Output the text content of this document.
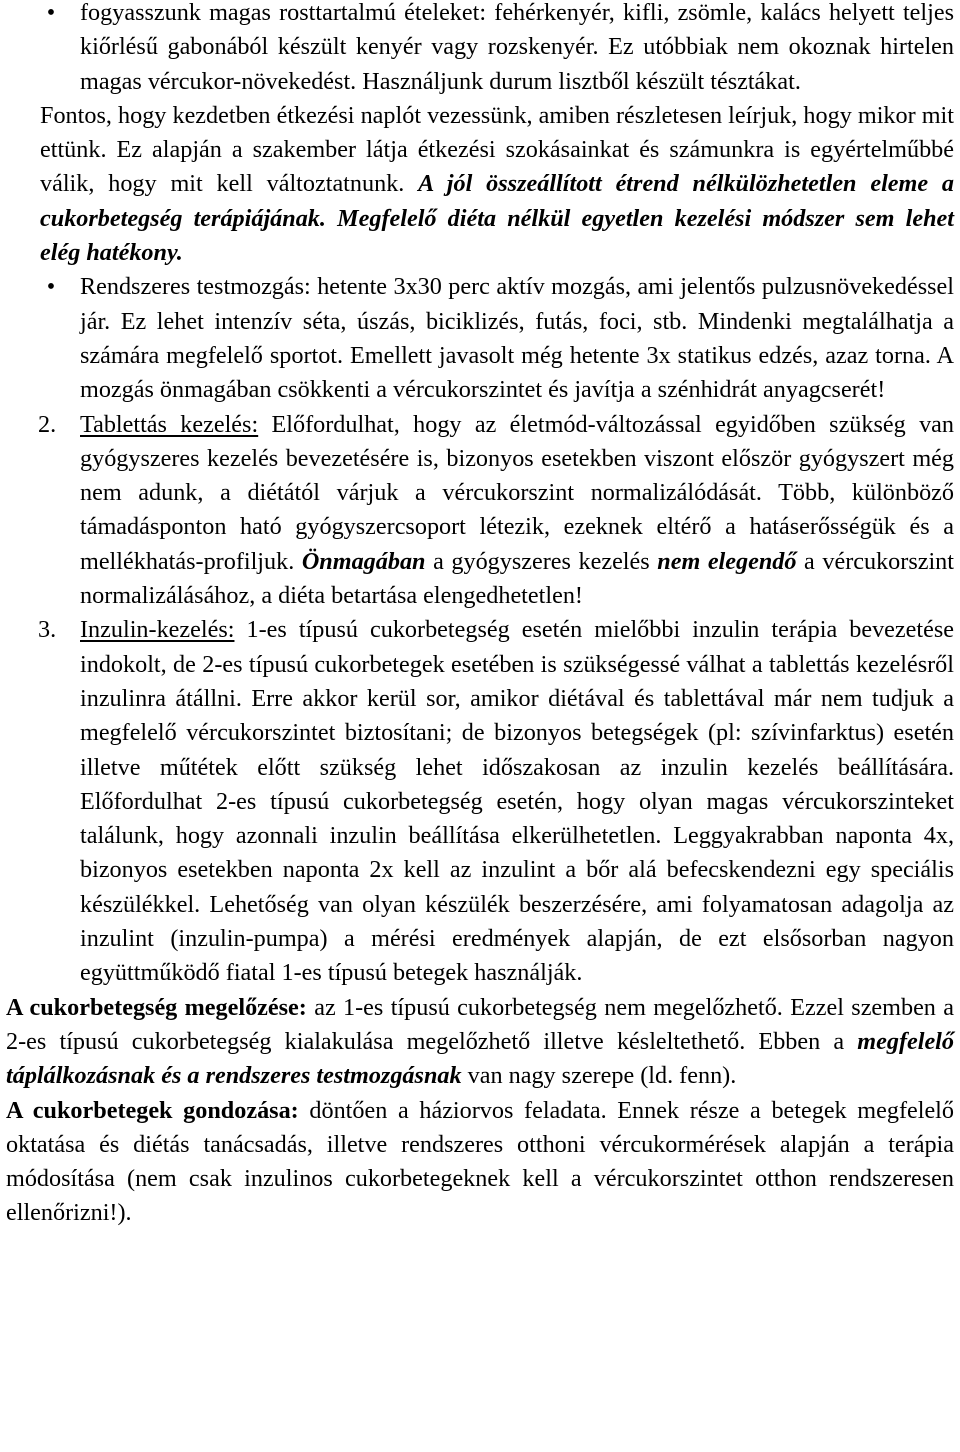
•	fogyasszunk magas rosttartalmú ételeket: fehérkenyér, kifli, zsömle, kalács helyett teljes kiőrlésű gabonából készült kenyér vagy rozskenyér. Ez utóbbiak nem okoznak hirtelen magas vércukor-növekedést. Használjunk durum lisztből készült tésztákat.

Fontos, hogy kezdetben étkezési naplót vezessünk, amiben részletesen leírjuk, hogy mikor mit ettünk. Ez alapján a szakember látja étkezési szokásainkat és számunkra is egyértelműbbé válik, hogy mit kell változtatnunk. A jól összeállított étrend nélkülözhetetlen eleme a cukorbetegség terápiájának. Megfelelő diéta nélkül egyetlen kezelési módszer sem lehet elég hatékony.

•	Rendszeres testmozgás: hetente 3x30 perc aktív mozgás, ami jelentős pulzusnövekedéssel jár. Ez lehet intenzív séta, úszás, biciklizés, futás, foci, stb. Mindenki megtalálhatja a számára megfelelő sportot. Emellett javasolt még hetente 3x statikus edzés, azaz torna. A mozgás önmagában csökkenti a vércukorszintet és javítja a szénhidrát anyagcserét!

2. Tablettás kezelés: Előfordulhat, hogy az életmód-változással egyidőben szükség van gyógyszeres kezelés bevezetésére is, bizonyos esetekben viszont először gyógyszert még nem adunk, a diétától várjuk a vércukorszint normalizálódását. Több, különböző támadásponton ható gyógyszercsoport létezik, ezeknek eltérő a hatáserősségük és a mellékhatás-profiljuk. Önmagában a gyógyszeres kezelés nem elegendő a vércukorszint normalizálásához, a diéta betartása elengedhetetlen!

3. Inzulin-kezelés: 1-es típusú cukorbetegség esetén mielőbbi inzulin terápia bevezetése indokolt, de 2-es típusú cukorbetegek esetében is szükségessé válhat a tablettás kezelésről inzulinra átállni. Erre akkor kerül sor, amikor diétával és tablettával már nem tudjuk a megfelelő vércukorszintet biztosítani; de bizonyos betegségek (pl: szívinfarktus) esetén illetve műtétek előtt szükség lehet időszakosan az inzulin kezelés beállítására. Előfordulhat 2-es típusú cukorbetegség esetén, hogy olyan magas vércukorszinteket találunk, hogy azonnali inzulin beállítása elkerülhetetlen. Leggyakrabban naponta 4x, bizonyos esetekben naponta 2x kell az inzulint a bőr alá befecskendezni egy speciális készülékkel. Lehetőség van olyan készülék beszerzésére, ami folyamatosan adagolja az inzulint (inzulin-pumpa) a mérési eredmények alapján, de ezt elsősorban nagyon együttműködő fiatal 1-es típusú betegek használják.

A cukorbetegség megelőzése: az 1-es típusú cukorbetegség nem megelőzhető. Ezzel szemben a 2-es típusú cukorbetegség kialakulása megelőzhető illetve késleltethető. Ebben a megfelelő táplálkozásnak és a rendszeres testmozgásnak van nagy szerepe (ld. fenn).

A cukorbetegek gondozása: döntően a háziorvos feladata. Ennek része a betegek megfelelő oktatása és diétás tanácsadás, illetve rendszeres otthoni vércukormérések alapján a terápia módosítása (nem csak inzulinos cukorbetegeknek kell a vércukorszintet otthon rendszeresen ellenőrizni!).
